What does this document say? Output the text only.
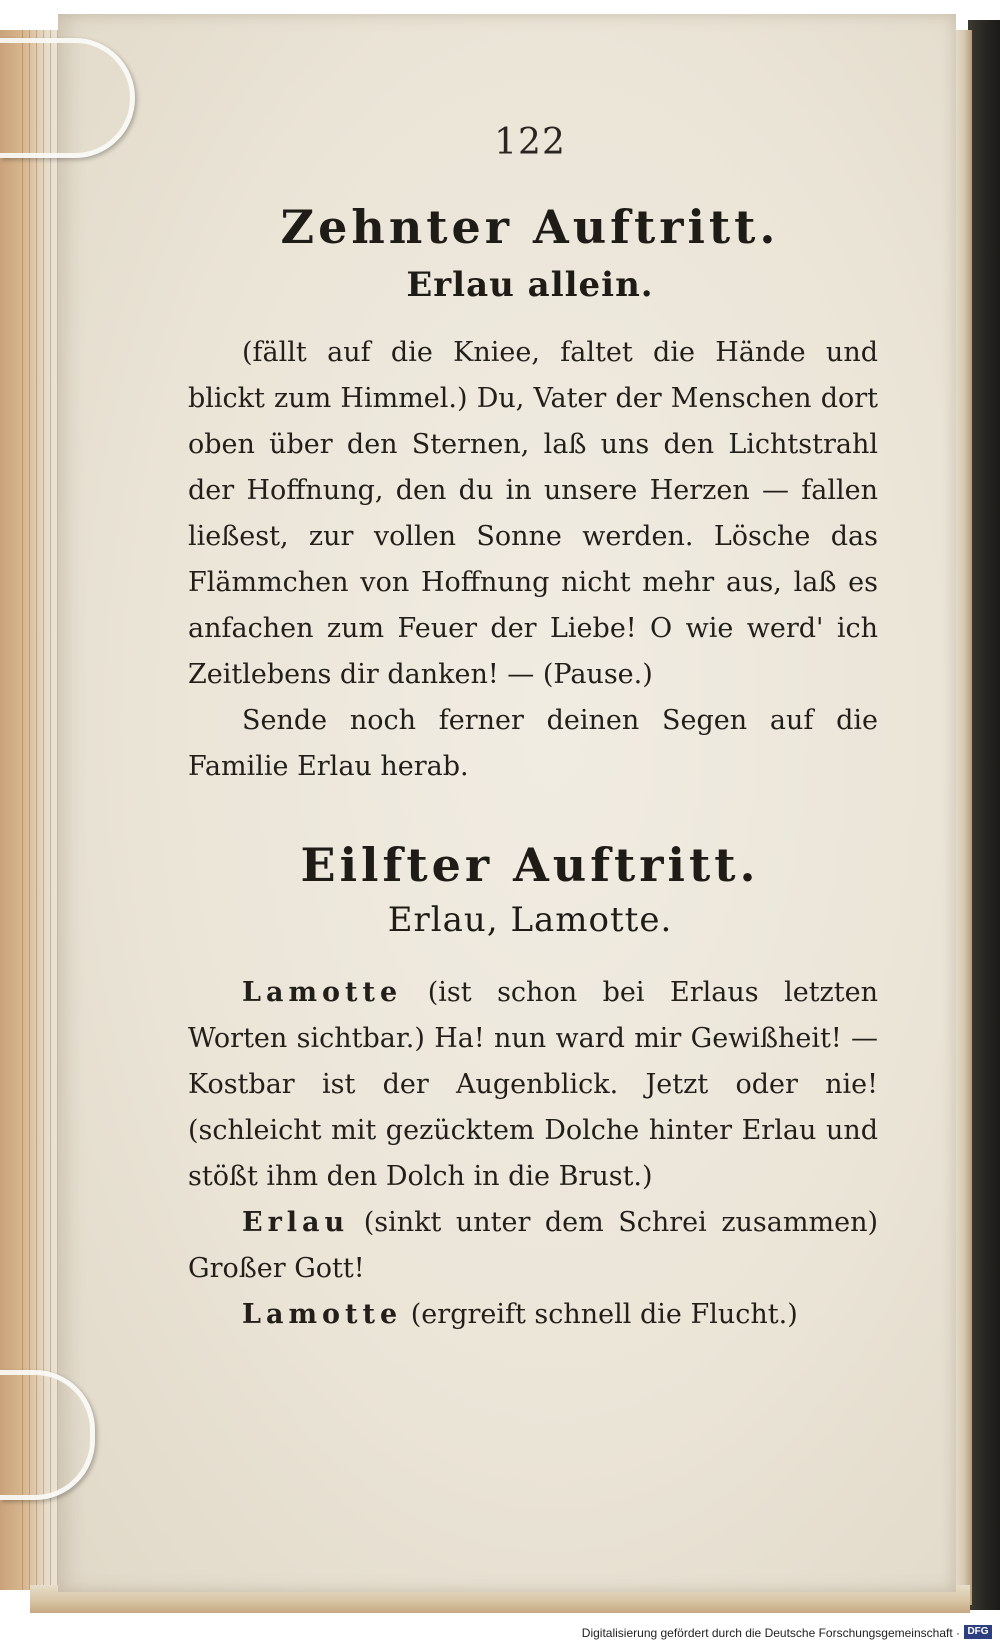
122
Zehnter Auftritt.
Erlau allein.

(fällt auf die Kniee, faltet die Hände und blickt zum Himmel.) Du, Vater der Menschen dort oben über den Sternen, laß uns den Lichtstrahl der Hoffnung, den du in unsere Herzen — fallen ließest, zur vollen Sonne werden. Lösche das Flämmchen von Hoffnung nicht mehr aus, laß es anfachen zum Feuer der Liebe! O wie werd' ich Zeitlebens dir danken! — (Pause.)

Sende noch ferner deinen Segen auf die Familie Erlau herab.

Eilfter Auftritt.
Erlau, Lamotte.

Lamotte (ist schon bei Erlaus letzten Worten sichtbar.) Ha! nun ward mir Gewißheit! — Kostbar ist der Augenblick. Jetzt oder nie! (schleicht mit gezücktem Dolche hinter Erlau und stößt ihm den Dolch in die Brust.)

Erlau (sinkt unter dem Schrei zusammen) Großer Gott!

Lamotte (ergreift schnell die Flucht.)

Digitalisierung gefördert durch die Deutsche Forschungsgemeinschaft · DFG
